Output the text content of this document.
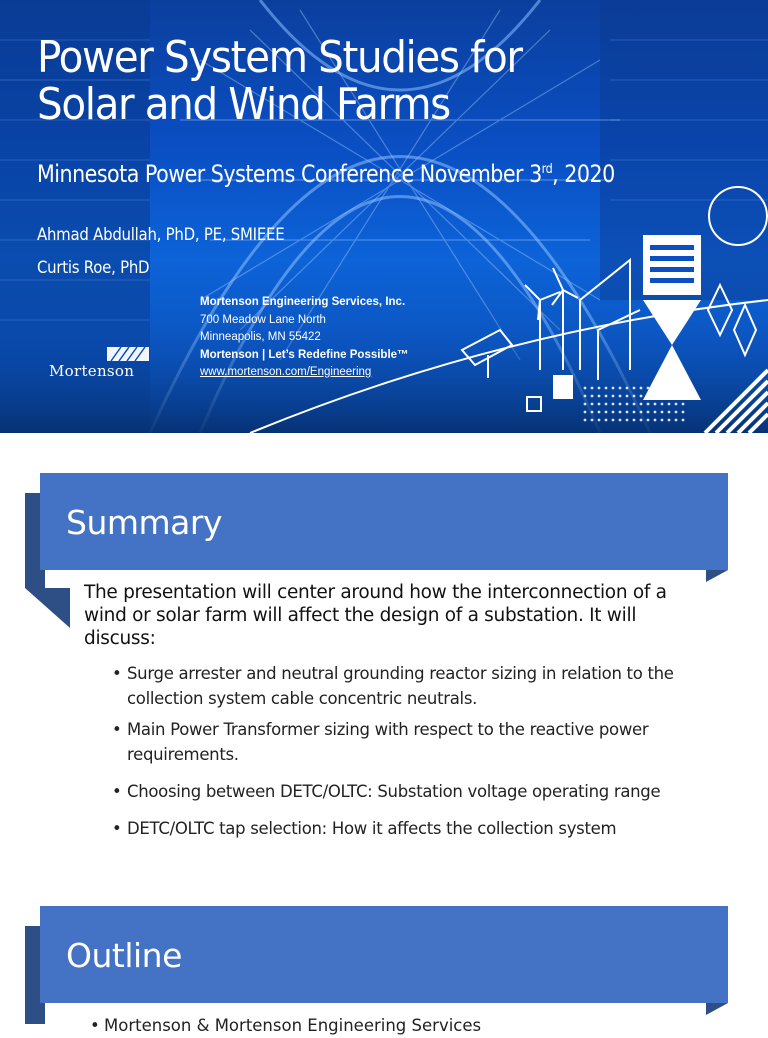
Power System Studies for Solar and Wind Farms
Minnesota Power Systems Conference November 3rd, 2020
Ahmad Abdullah, PhD, PE, SMIEEE
Curtis Roe, PhD
Mortenson Engineering Services, Inc.
700 Meadow Lane North
Minneapolis, MN 55422
Mortenson | Let’s Redefine Possible™
www.mortenson.com/Engineering
Mortenson
Summary

The presentation will center around how the interconnection of a wind or solar farm will affect the design of a substation. It will discuss:

• Surge arrester and neutral grounding reactor sizing in relation to the collection system cable concentric neutrals.
• Main Power Transformer sizing with respect to the reactive power requirements.
• Choosing between DETC/OLTC: Substation voltage operating range
• DETC/OLTC tap selection: How it affects the collection system
Outline
• Mortenson & Mortenson Engineering Services
